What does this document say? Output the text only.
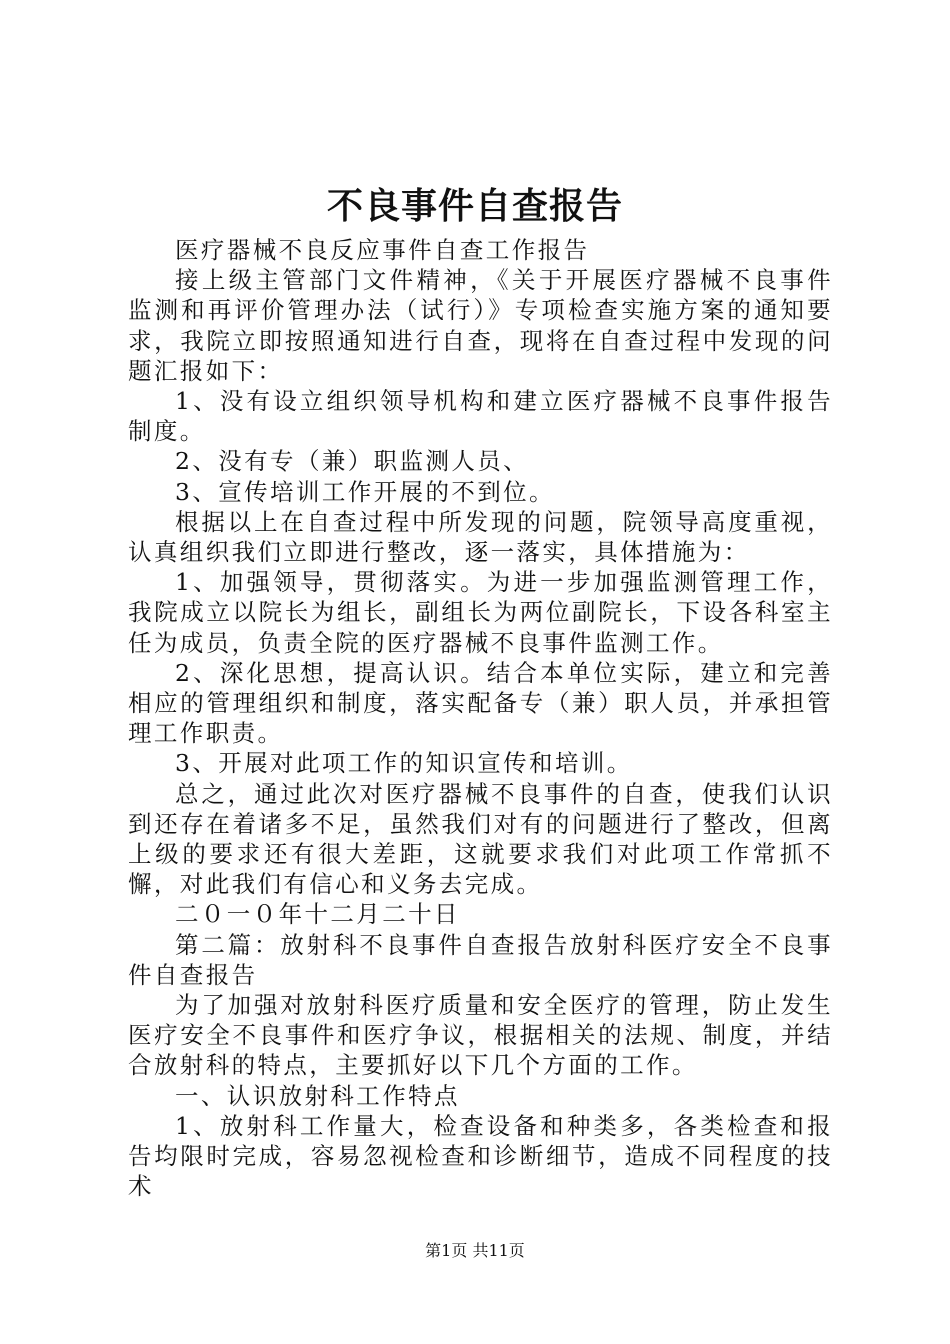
不良事件自查报告

医疗器械不良反应事件自查工作报告

接上级主管部门文件精神，《关于开展医疗器械不良事件监测和再评价管理办法（试行）》专项检查实施方案的通知要求，我院立即按照通知进行自查，现将在自查过程中发现的问题汇报如下：

1、没有设立组织领导机构和建立医疗器械不良事件报告制度。

2、没有专（兼）职监测人员、

3、宣传培训工作开展的不到位。

根据以上在自查过程中所发现的问题，院领导高度重视，认真组织我们立即进行整改，逐一落实，具体措施为：

1、加强领导，贯彻落实。为进一步加强监测管理工作，我院成立以院长为组长，副组长为两位副院长，下设各科室主任为成员，负责全院的医疗器械不良事件监测工作。

2、深化思想，提高认识。结合本单位实际，建立和完善相应的管理组织和制度，落实配备专（兼）职人员，并承担管理工作职责。

3、开展对此项工作的知识宣传和培训。

总之，通过此次对医疗器械不良事件的自查，使我们认识到还存在着诸多不足，虽然我们对有的问题进行了整改，但离上级的要求还有很大差距，这就要求我们对此项工作常抓不懈，对此我们有信心和义务去完成。

二０一０年十二月二十日

第二篇：放射科不良事件自查报告放射科医疗安全不良事件自查报告

为了加强对放射科医疗质量和安全医疗的管理，防止发生医疗安全不良事件和医疗争议，根据相关的法规、制度，并结合放射科的特点，主要抓好以下几个方面的工作。

一、认识放射科工作特点

1、放射科工作量大，检查设备和种类多，各类检查和报告均限时完成，容易忽视检查和诊断细节，造成不同程度的技术

第1页 共11页
